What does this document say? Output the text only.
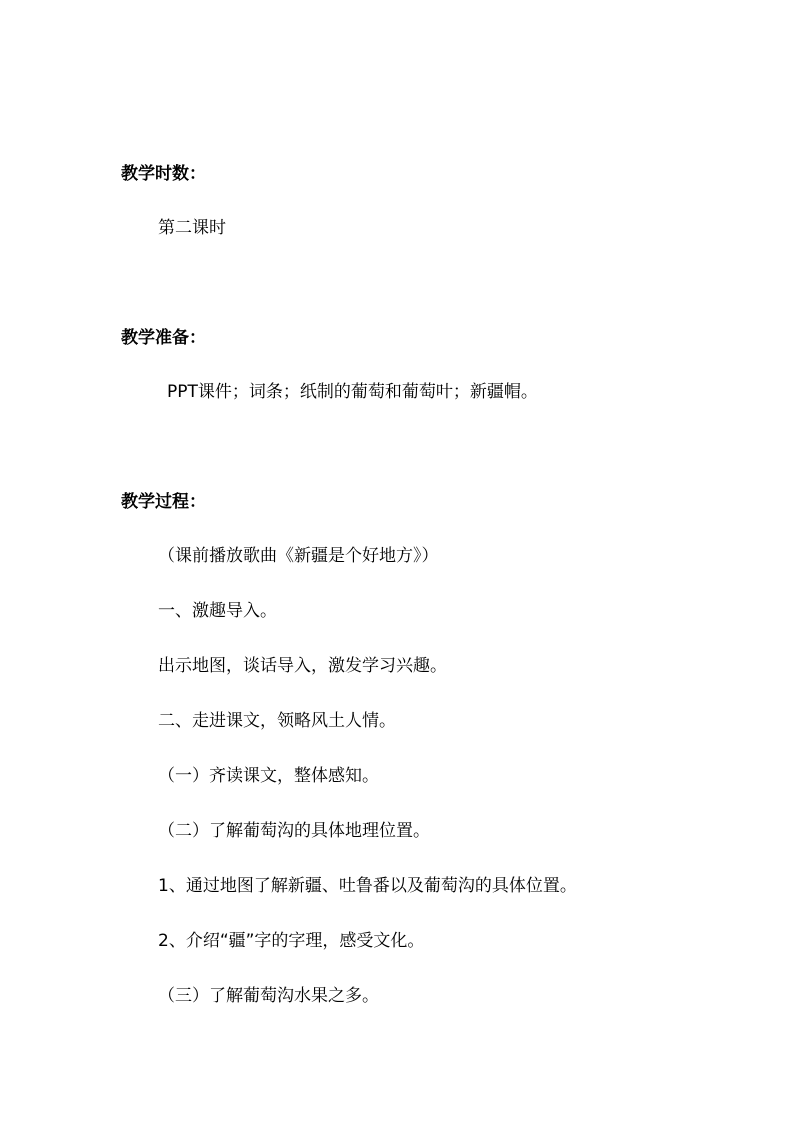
教学时数：
第二课时
教学准备：
PPT课件；词条；纸制的葡萄和葡萄叶；新疆帽。
教学过程：
（课前播放歌曲《新疆是个好地方》）
一、激趣导入。
出示地图，谈话导入，激发学习兴趣。
二、走进课文，领略风土人情。
（一）齐读课文，整体感知。
（二）了解葡萄沟的具体地理位置。
1、通过地图了解新疆、吐鲁番以及葡萄沟的具体位置。
2、介绍“疆”字的字理，感受文化。
（三）了解葡萄沟水果之多。
